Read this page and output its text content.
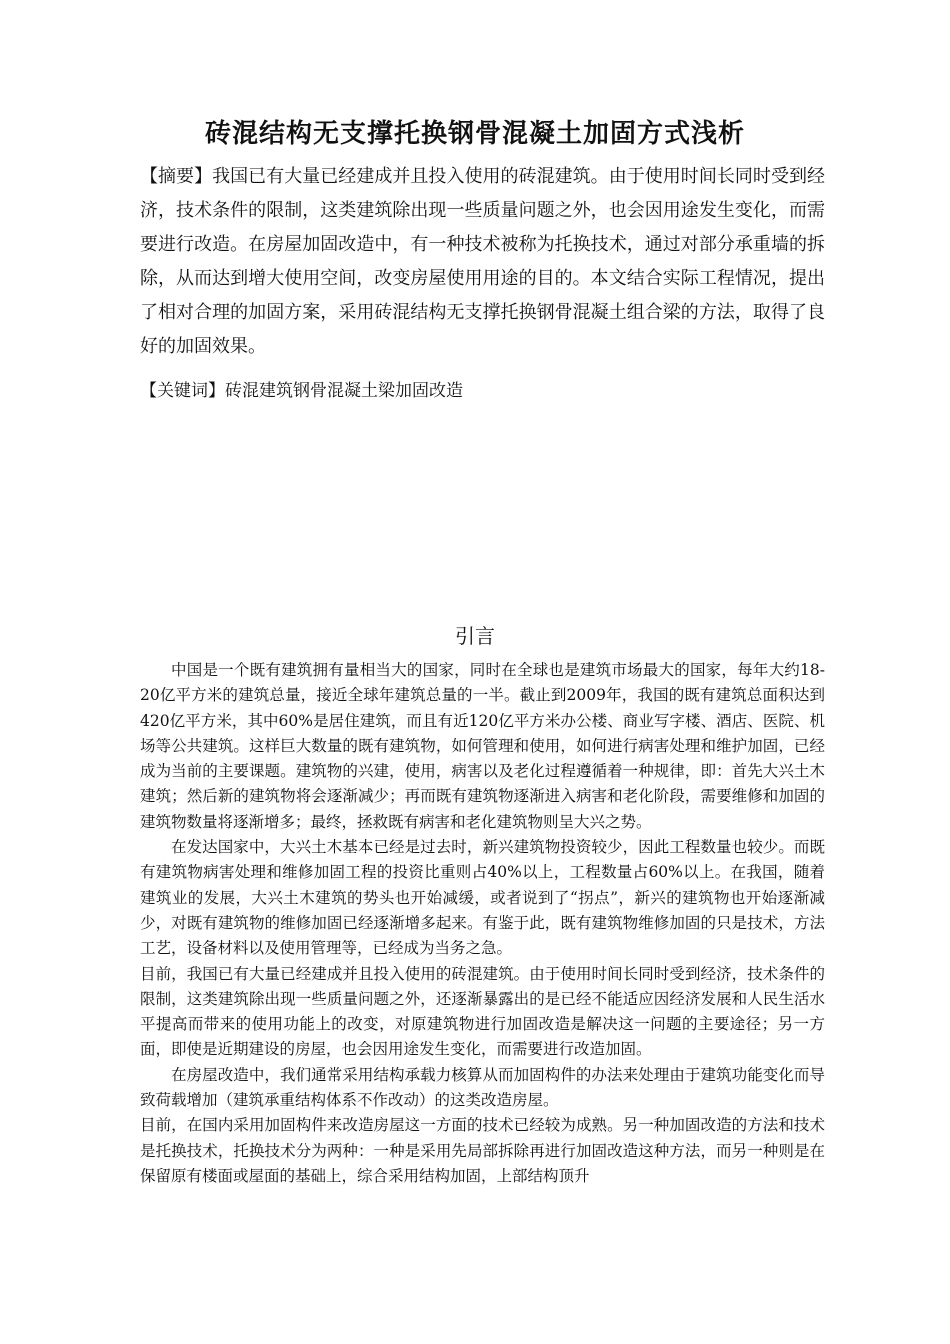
砖混结构无支撑托换钢骨混凝土加固方式浅析

【摘要】我国已有大量已经建成并且投入使用的砖混建筑。由于使用时间长同时受到经济，技术条件的限制，这类建筑除出现一些质量问题之外，也会因用途发生变化，而需要进行改造。在房屋加固改造中，有一种技术被称为托换技术，通过对部分承重墙的拆除，从而达到增大使用空间，改变房屋使用用途的目的。本文结合实际工程情况，提出了相对合理的加固方案，采用砖混结构无支撑托换钢骨混凝土组合梁的方法，取得了良好的加固效果。

【关键词】砖混建筑钢骨混凝土梁加固改造

引言

中国是一个既有建筑拥有量相当大的国家，同时在全球也是建筑市场最大的国家，每年大约18-20亿平方米的建筑总量，接近全球年建筑总量的一半。截止到2009年，我国的既有建筑总面积达到420亿平方米，其中60%是居住建筑，而且有近120亿平方米办公楼、商业写字楼、酒店、医院、机场等公共建筑。这样巨大数量的既有建筑物，如何管理和使用，如何进行病害处理和维护加固，已经成为当前的主要课题。建筑物的兴建，使用，病害以及老化过程遵循着一种规律，即：首先大兴土木建筑；然后新的建筑物将会逐渐减少；再而既有建筑物逐渐进入病害和老化阶段，需要维修和加固的建筑物数量将逐渐增多；最终，拯救既有病害和老化建筑物则呈大兴之势。

在发达国家中，大兴土木基本已经是过去时，新兴建筑物投资较少，因此工程数量也较少。而既有建筑物病害处理和维修加固工程的投资比重则占40%以上，工程数量占60%以上。在我国，随着建筑业的发展，大兴土木建筑的势头也开始减缓，或者说到了“拐点”，新兴的建筑物也开始逐渐减少，对既有建筑物的维修加固已经逐渐增多起来。有鉴于此，既有建筑物维修加固的只是技术，方法工艺，设备材料以及使用管理等，已经成为当务之急。

目前，我国已有大量已经建成并且投入使用的砖混建筑。由于使用时间长同时受到经济，技术条件的限制，这类建筑除出现一些质量问题之外，还逐渐暴露出的是已经不能适应因经济发展和人民生活水平提高而带来的使用功能上的改变，对原建筑物进行加固改造是解决这一问题的主要途径；另一方面，即使是近期建设的房屋，也会因用途发生变化，而需要进行改造加固。

在房屋改造中，我们通常采用结构承载力核算从而加固构件的办法来处理由于建筑功能变化而导致荷载增加（建筑承重结构体系不作改动）的这类改造房屋。

目前，在国内采用加固构件来改造房屋这一方面的技术已经较为成熟。另一种加固改造的方法和技术是托换技术，托换技术分为两种：一种是采用先局部拆除再进行加固改造这种方法，而另一种则是在保留原有楼面或屋面的基础上，综合采用结构加固，上部结构顶升
